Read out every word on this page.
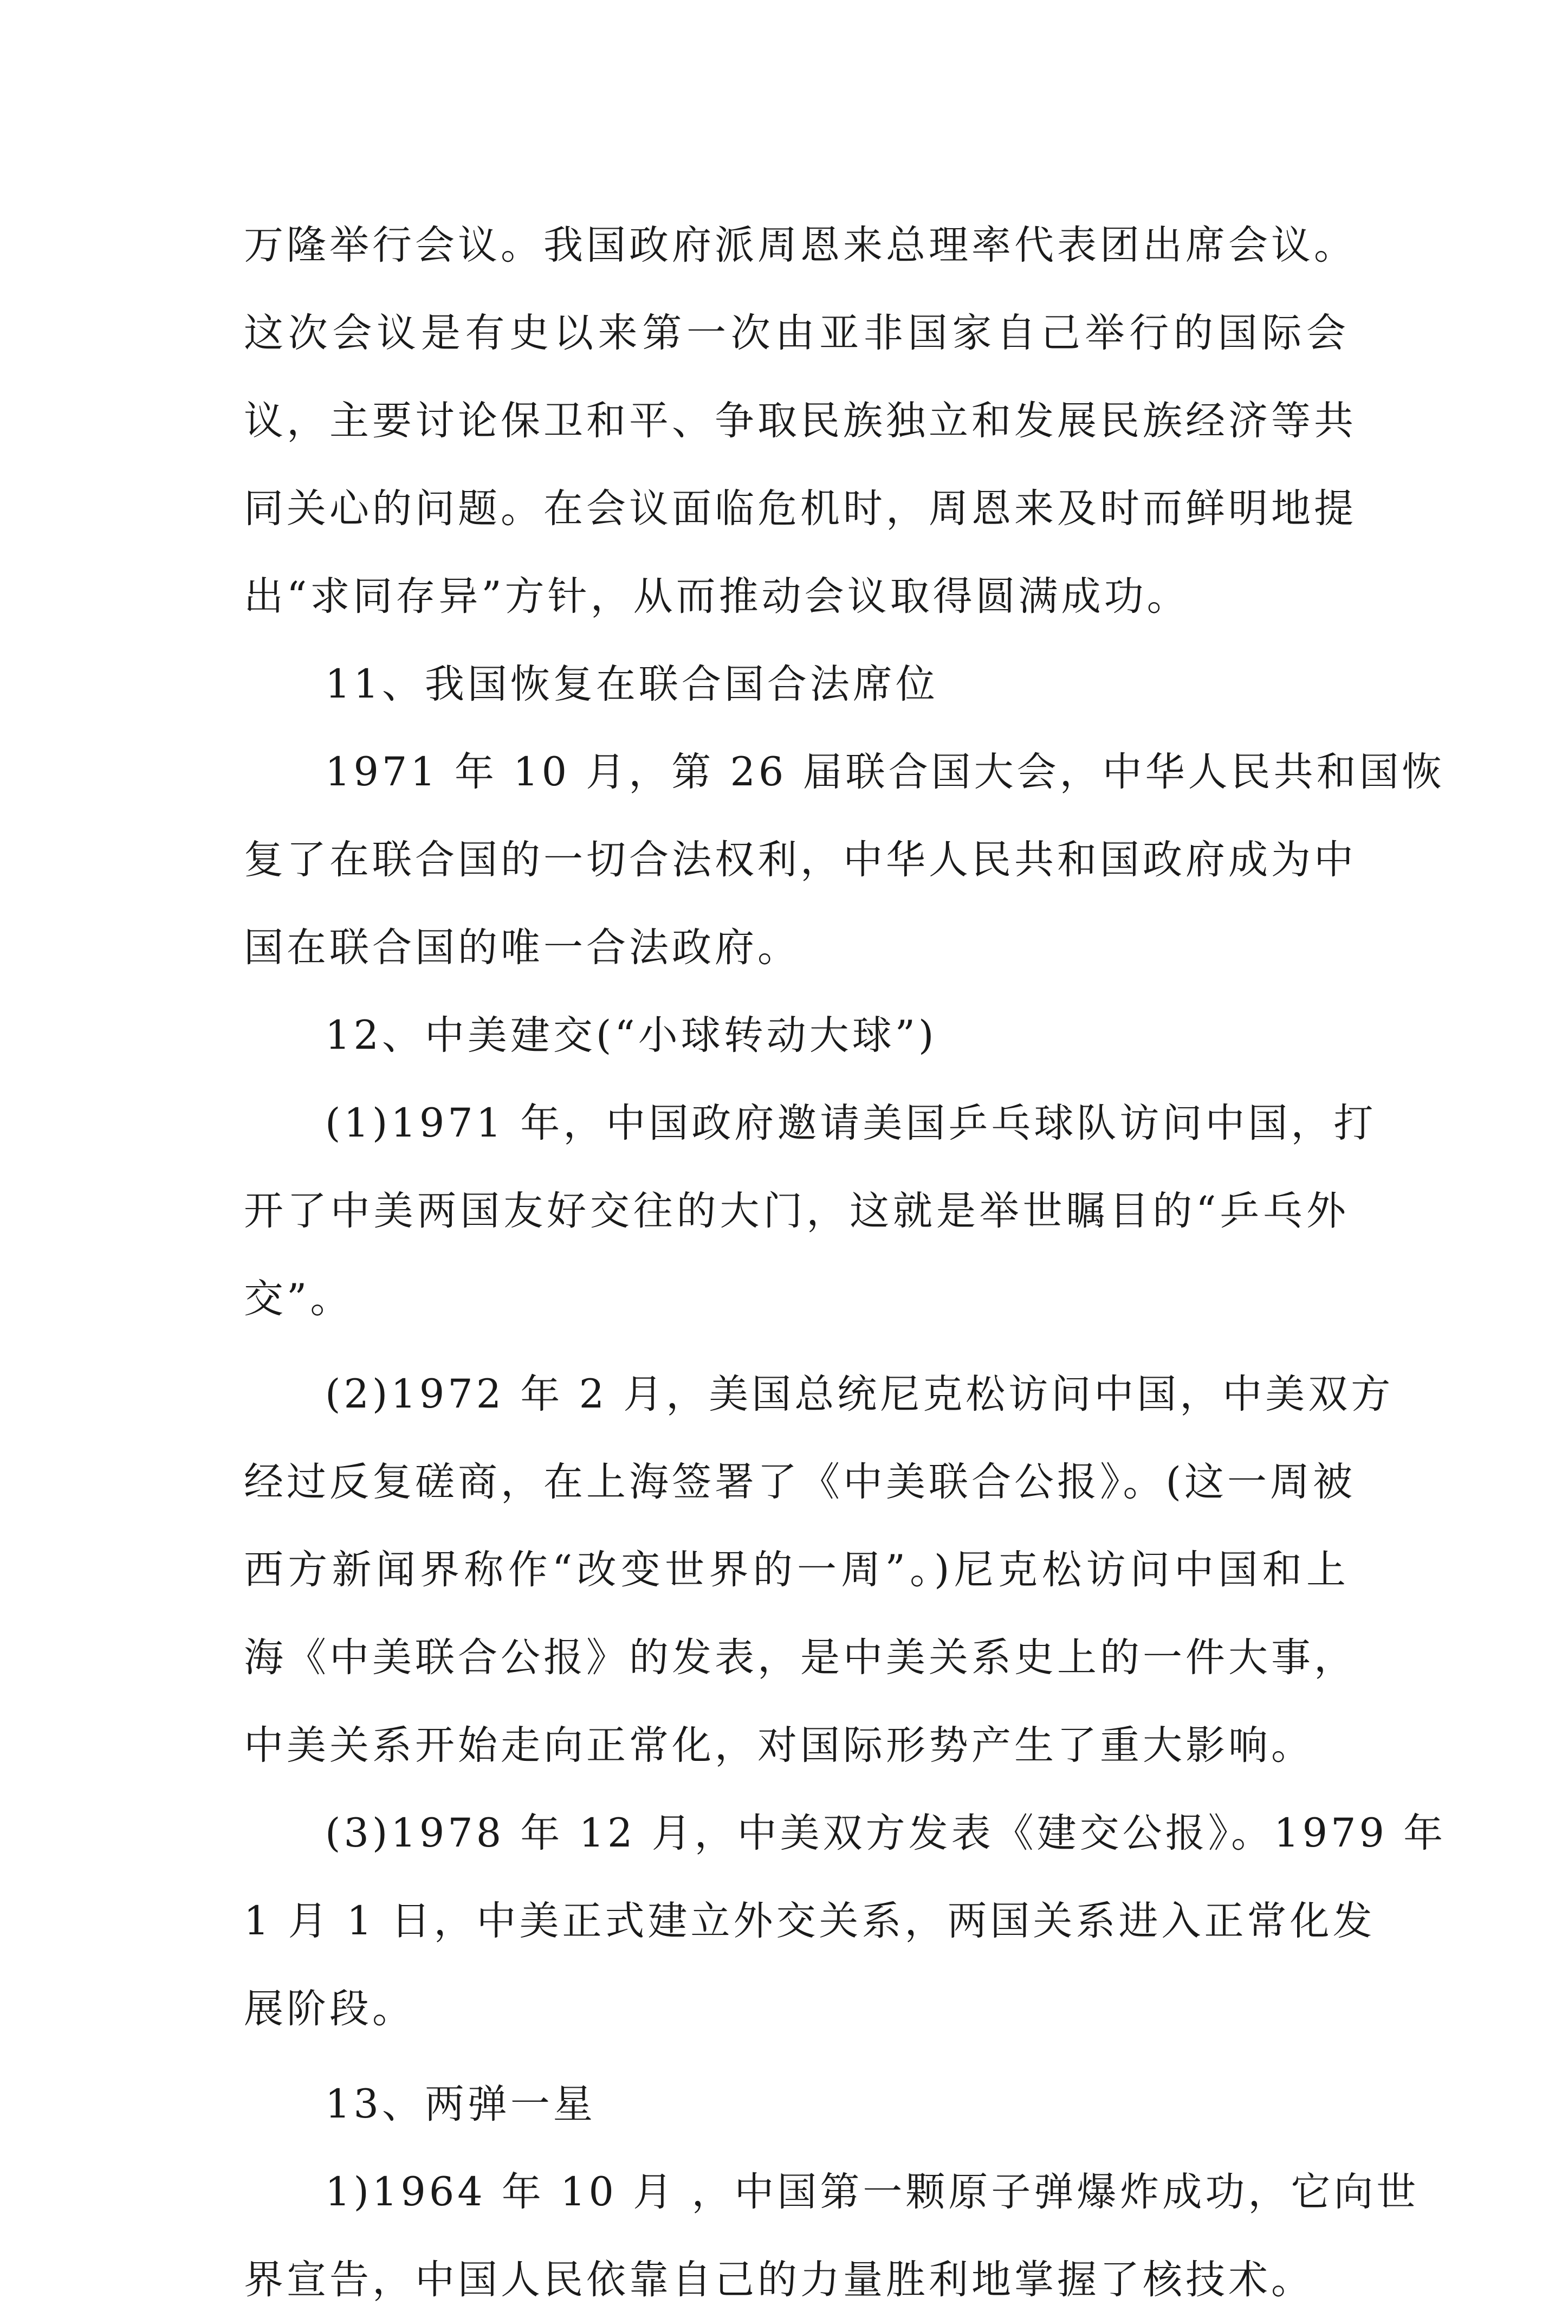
万隆举行会议。我国政府派周恩来总理率代表团出席会议。
这次会议是有史以来第一次由亚非国家自己举行的国际会
议，主要讨论保卫和平、争取民族独立和发展民族经济等共
同关心的问题。在会议面临危机时，周恩来及时而鲜明地提
出“求同存异”方针，从而推动会议取得圆满成功。
11、我国恢复在联合国合法席位
1971 年 10 月，第 26 届联合国大会，中华人民共和国恢
复了在联合国的一切合法权利，中华人民共和国政府成为中
国在联合国的唯一合法政府。
12、中美建交(“小球转动大球”)
(1)1971 年，中国政府邀请美国乒乓球队访问中国，打
开了中美两国友好交往的大门，这就是举世瞩目的“乒乓外
交”。
(2)1972 年 2 月，美国总统尼克松访问中国，中美双方
经过反复磋商，在上海签署了《中美联合公报》。(这一周被
西方新闻界称作“改变世界的一周”。)尼克松访问中国和上
海《中美联合公报》的发表，是中美关系史上的一件大事，
中美关系开始走向正常化，对国际形势产生了重大影响。
(3)1978 年 12 月，中美双方发表《建交公报》。1979 年
1 月 1 日，中美正式建立外交关系，两国关系进入正常化发
展阶段。
13、两弹一星
1)1964 年 10 月 ，中国第一颗原子弹爆炸成功，它向世
界宣告，中国人民依靠自己的力量胜利地掌握了核技术。
